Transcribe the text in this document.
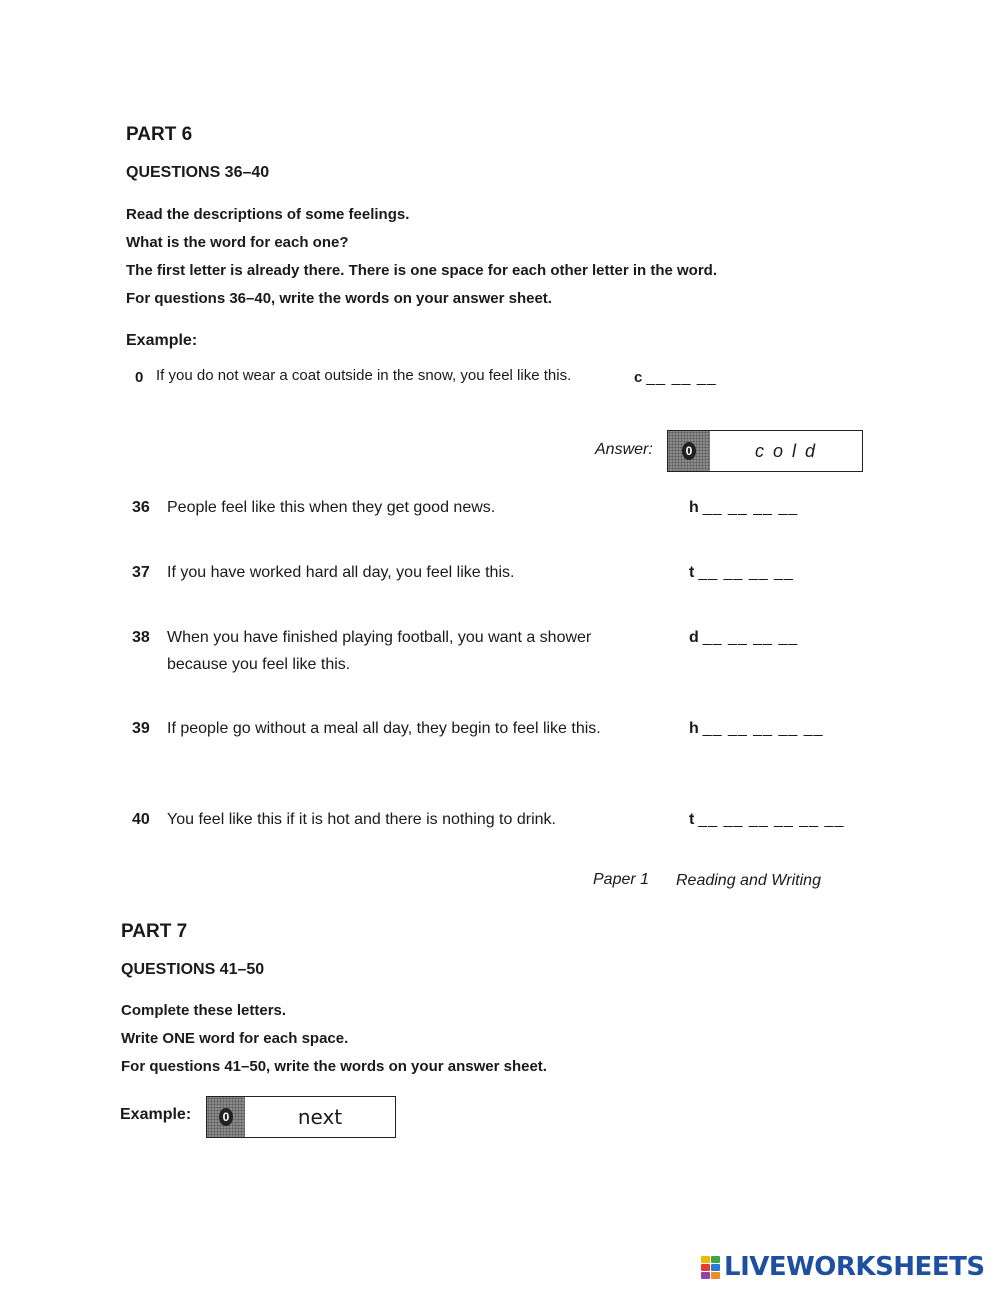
PART 6
QUESTIONS 36–40
Read the descriptions of some feelings.
What is the word for each one?
The first letter is already there. There is one space for each other letter in the word.
For questions 36–40, write the words on your answer sheet.
Example:
0 If you do not wear a coat outside in the snow, you feel like this.	c __ __ __
Answer:	0	c o l d
36 People feel like this when they get good news.	h __ __ __ __
37 If you have worked hard all day, you feel like this.	t __ __ __ __
38 When you have finished playing football, you want a shower because you feel like this.
d __ __ __ __
39 If people go without a meal all day, they begin to feel like this.	h __ __ __ __ __
40 You feel like this if it is hot and there is nothing to drink.	t __ __ __ __ __ __
Paper 1 Reading and Writing
PART 7
QUESTIONS 41–50
Complete these letters.
Write ONE word for each space.
For questions 41–50, write the words on your answer sheet.
Example:	0	next
LIVEWORKSHEETS
